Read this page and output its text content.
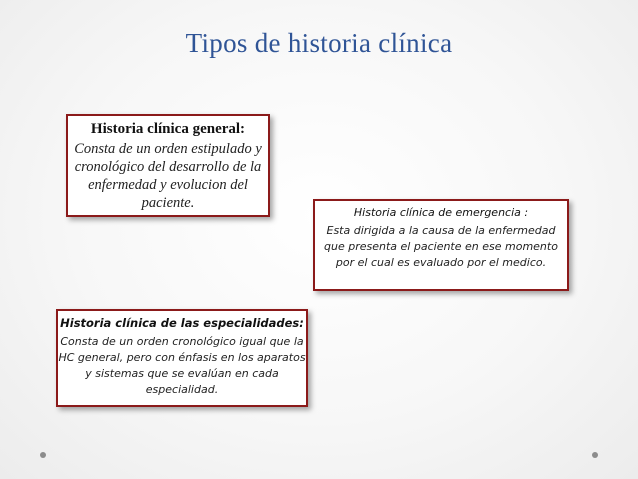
Tipos de historia clínica
Historia clínica general:
Consta de un orden estipulado y cronológico del desarrollo de la enfermedad y evolucion del paciente.
Historia clínica de emergencia :
Esta dirigida a la causa de la enfermedad que presenta el paciente en ese momento por el cual es evaluado por el medico.
Historia clínica de las especialidades:
Consta de un orden cronológico igual que la HC general, pero con énfasis en los aparatos y sistemas que se evalúan en cada especialidad.
